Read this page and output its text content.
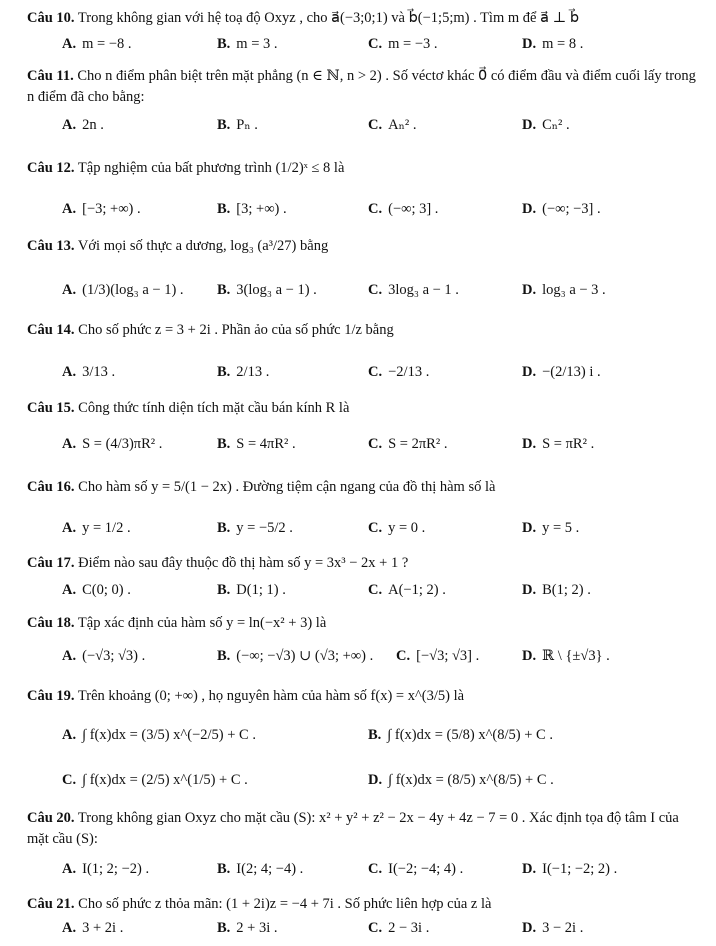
Câu 10. Trong không gian với hệ toạ độ Oxyz , cho a⃗(−3;0;1) và b⃗(−1;5;m) . Tìm m để a⃗ ⊥ b⃗
A. m = −8 .	B. m = 3 .	C. m = −3 .	D. m = 8 .
Câu 11. Cho n điểm phân biệt trên mặt phẳng (n ∈ ℕ, n > 2) . Số véctơ khác 0⃗ có điểm đầu và điểm cuối lấy trong n điểm đã cho bằng:
A. 2n .	B. Pₙ .	C. Aₙ² .	D. Cₙ² .
Câu 12. Tập nghiệm của bất phương trình (1/2)ˣ ≤ 8 là
A. [−3; +∞) .	B. [3; +∞) .	C. (−∞; 3] .	D. (−∞; −3] .
Câu 13. Với mọi số thực a dương, log₃ (a³/27) bằng
A. (1/3)(log₃ a − 1) . B. 3(log₃ a − 1) .	C. 3log₃ a − 1 .	D. log₃ a − 3 .
Câu 14. Cho số phức z = 3 + 2i . Phần ảo của số phức 1/z bằng
A. 3/13 .	B. 2/13 .	C. −2/13 .	D. −(2/13) i .
Câu 15. Công thức tính diện tích mặt cầu bán kính R là
A. S = (4/3)πR² .	B. S = 4πR² .	C. S = 2πR² .	D. S = πR² .
Câu 16. Cho hàm số y = 5/(1 − 2x) . Đường tiệm cận ngang của đồ thị hàm số là
A. y = 1/2 .	B. y = −5/2 .	C. y = 0 .	D. y = 5 .
Câu 17. Điểm nào sau đây thuộc đồ thị hàm số y = 3x³ − 2x + 1 ?
A. C(0; 0) .	B. D(1; 1) .	C. A(−1; 2) .	D. B(1; 2) .
Câu 18. Tập xác định của hàm số y = ln(−x² + 3) là
A. (−√3; √3) .	B. (−∞; −√3) ∪ (√3; +∞) . C. [−√3; √3] .	D. ℝ \ {±√3} .
Câu 19. Trên khoảng (0; +∞) , họ nguyên hàm của hàm số f(x) = x^(3/5) là
A. ∫ f(x)dx = (3/5) x^(−2/5) + C .	B. ∫ f(x)dx = (5/8) x^(8/5) + C .
C. ∫ f(x)dx = (2/5) x^(1/5) + C .	D. ∫ f(x)dx = (8/5) x^(8/5) + C .
Câu 20. Trong không gian Oxyz cho mặt cầu (S): x² + y² + z² − 2x − 4y + 4z − 7 = 0 . Xác định tọa độ tâm I của mặt cầu (S):
A. I(1; 2; −2) .	B. I(2; 4; −4) .	C. I(−2; −4; 4) .	D. I(−1; −2; 2) .
Câu 21. Cho số phức z thỏa mãn: (1 + 2i)z = −4 + 7i . Số phức liên hợp của z là
A. 3 + 2i .	B. 2 + 3i .	C. 2 − 3i .	D. 3 − 2i .
